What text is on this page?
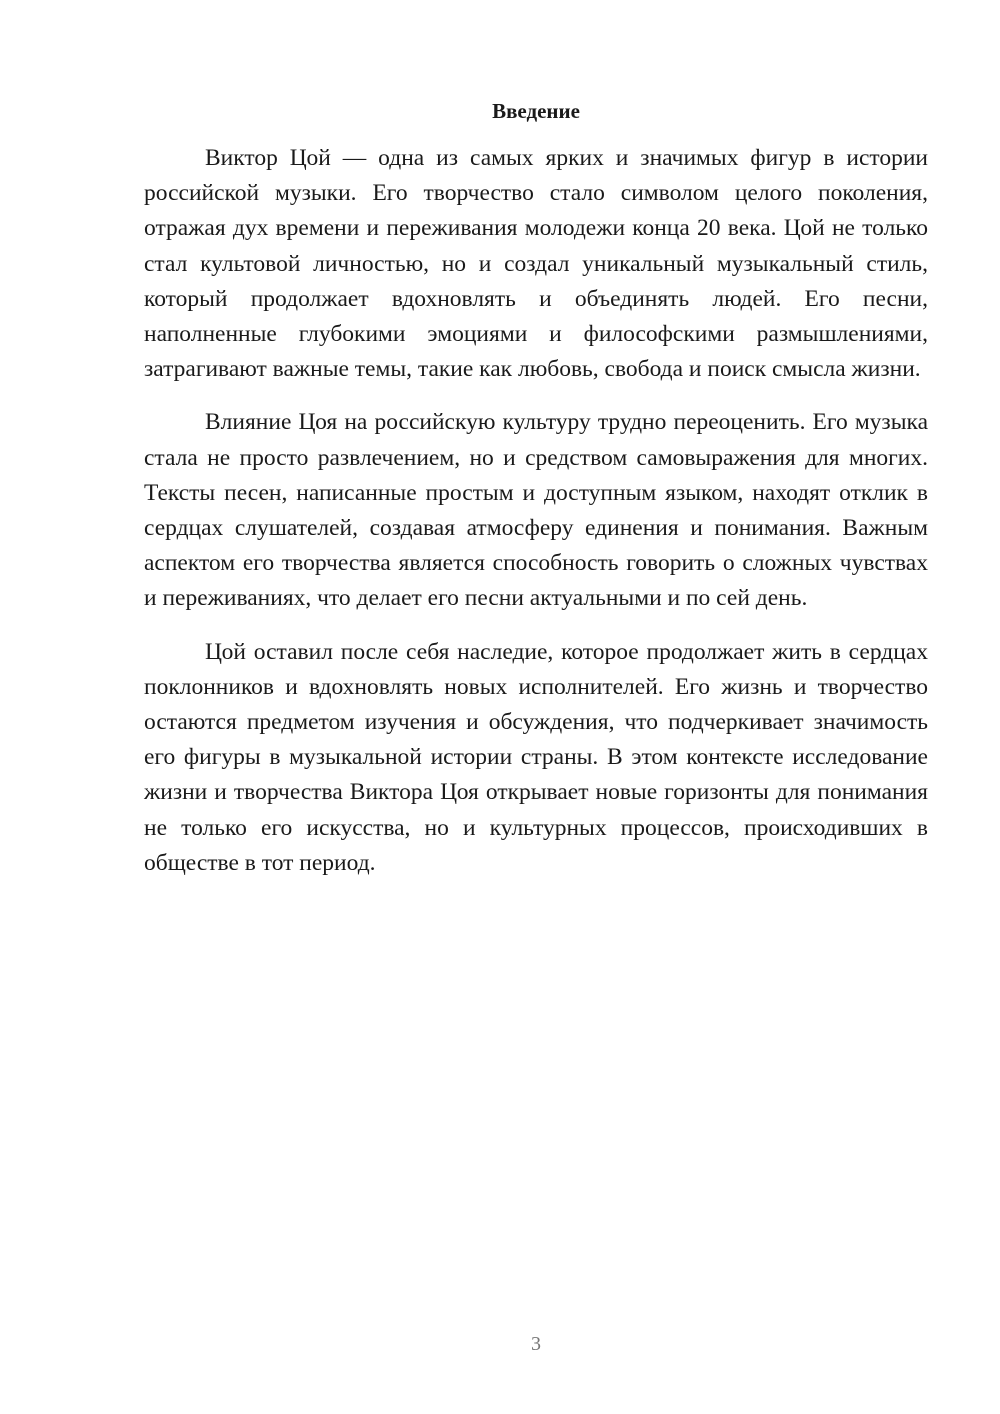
Введение

Виктор Цой — одна из самых ярких и значимых фигур в истории российской музыки. Его творчество стало символом целого поколения, отражая дух времени и переживания молодежи конца 20 века. Цой не только стал культовой личностью, но и создал уникальный музыкальный стиль, который продолжает вдохновлять и объединять людей. Его песни, наполненные глубокими эмоциями и философскими размышлениями, затрагивают важные темы, такие как любовь, свобода и поиск смысла жизни.

Влияние Цоя на российскую культуру трудно переоценить. Его музыка стала не просто развлечением, но и средством самовыражения для многих. Тексты песен, написанные простым и доступным языком, находят отклик в сердцах слушателей, создавая атмосферу единения и понимания. Важным аспектом его творчества является способность говорить о сложных чувствах и переживаниях, что делает его песни актуальными и по сей день.

Цой оставил после себя наследие, которое продолжает жить в сердцах поклонников и вдохновлять новых исполнителей. Его жизнь и творчество остаются предметом изучения и обсуждения, что подчеркивает значимость его фигуры в музыкальной истории страны. В этом контексте исследование жизни и творчества Виктора Цоя открывает новые горизонты для понимания не только его искусства, но и культурных процессов, происходивших в обществе в тот период.

3
